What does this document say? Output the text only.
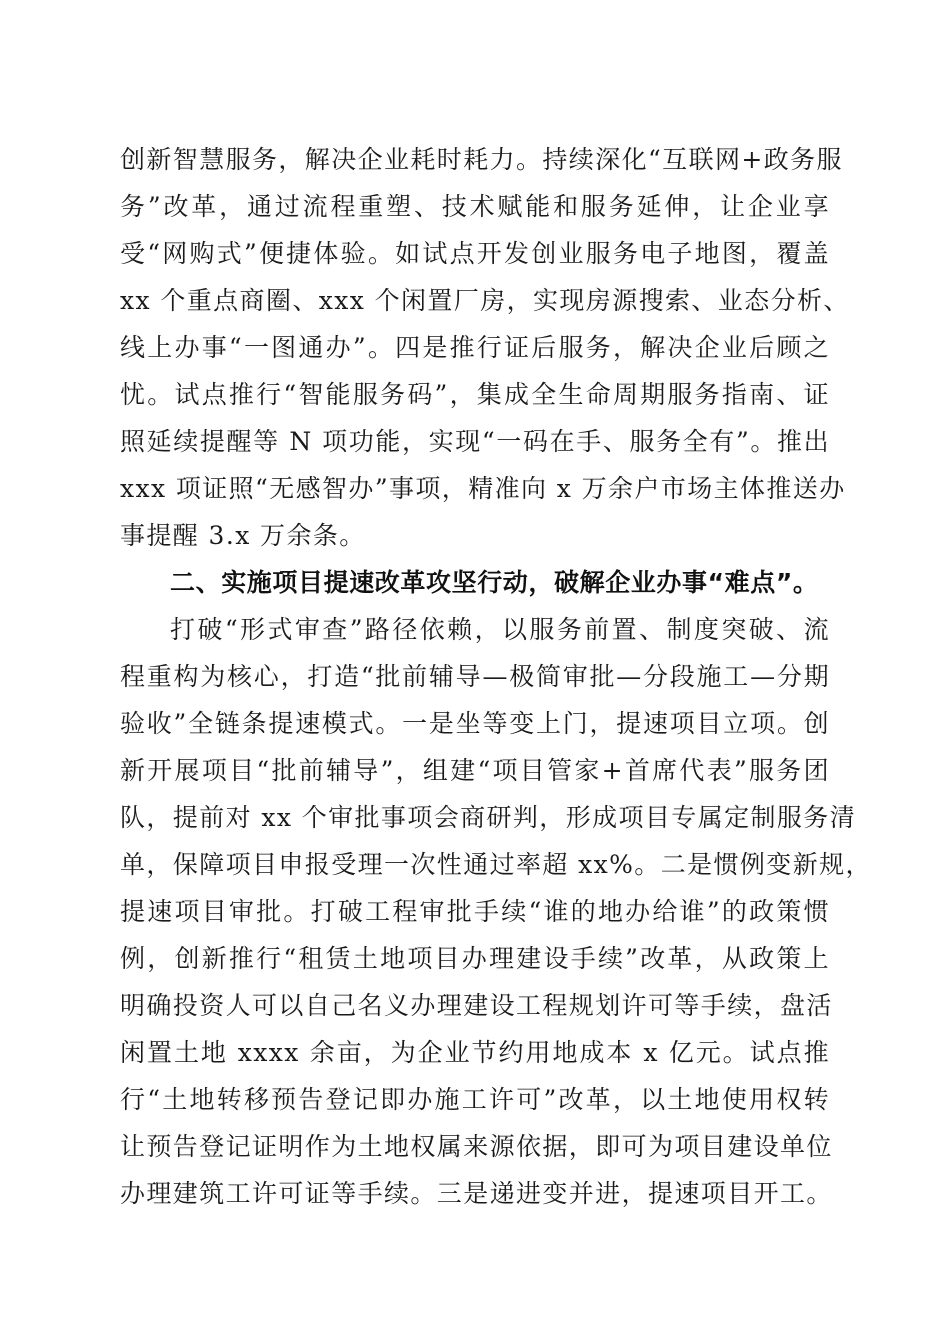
创新智慧服务，解决企业耗时耗力。持续深化“互联网+政务服
务”改革，通过流程重塑、技术赋能和服务延伸，让企业享
受“网购式”便捷体验。如试点开发创业服务电子地图，覆盖
xx 个重点商圈、xxx 个闲置厂房，实现房源搜索、业态分析、
线上办事“一图通办”。四是推行证后服务，解决企业后顾之
忧。试点推行“智能服务码”，集成全生命周期服务指南、证
照延续提醒等 N 项功能，实现“一码在手、服务全有”。推出
xxx 项证照“无感智办”事项，精准向 x 万余户市场主体推送办
事提醒 3.x 万余条。
二、实施项目提速改革攻坚行动，破解企业办事“难点”。
打破“形式审查”路径依赖，以服务前置、制度突破、流
程重构为核心，打造“批前辅导—极简审批—分段施工—分期
验收”全链条提速模式。一是坐等变上门，提速项目立项。创
新开展项目“批前辅导”，组建“项目管家+首席代表”服务团
队，提前对 xx 个审批事项会商研判，形成项目专属定制服务清
单，保障项目申报受理一次性通过率超 xx%。二是惯例变新规，
提速项目审批。打破工程审批手续“谁的地办给谁”的政策惯
例，创新推行“租赁土地项目办理建设手续”改革，从政策上
明确投资人可以自己名义办理建设工程规划许可等手续，盘活
闲置土地 xxxx 余亩，为企业节约用地成本 x 亿元。试点推
行“土地转移预告登记即办施工许可”改革，以土地使用权转
让预告登记证明作为土地权属来源依据，即可为项目建设单位
办理建筑工许可证等手续。三是递进变并进，提速项目开工。
